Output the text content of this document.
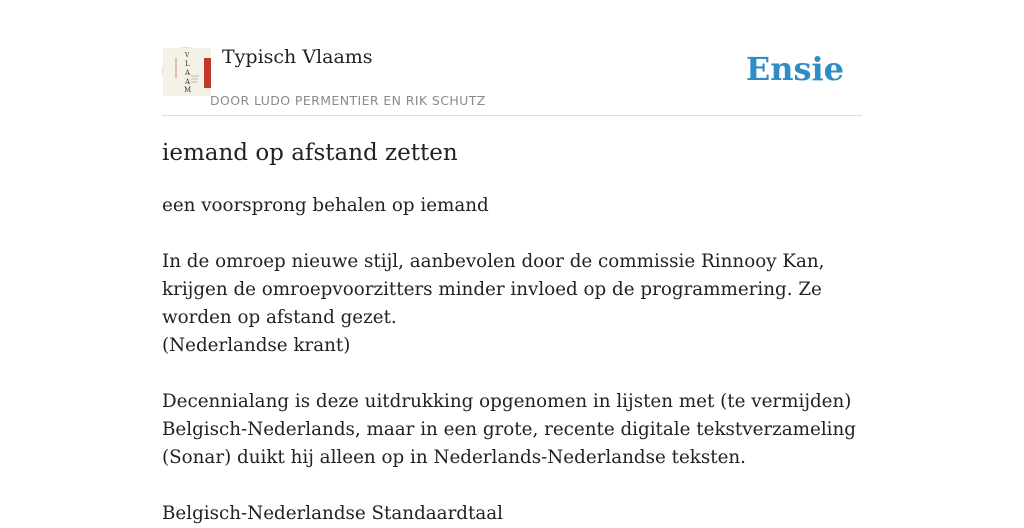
V
L
A
A
M
Typisch Vlaams
DOOR LUDO PERMENTIER EN RIK SCHUTZ
Ensie
iemand op afstand zetten

een voorsprong behalen op iemand

In de omroep nieuwe stijl, aanbevolen door de commissie Rinnooy Kan, krijgen de omroepvoorzitters minder invloed op de programmering. Ze worden op afstand gezet.

(Nederlandse krant)

Decennialang is deze uitdrukking opgenomen in lijsten met (te vermijden) Belgisch-Nederlands, maar in een grote, recente digitale tekstverzameling (Sonar) duikt hij alleen op in Nederlands-Nederlandse teksten.

Belgisch-Nederlandse Standaardtaal
